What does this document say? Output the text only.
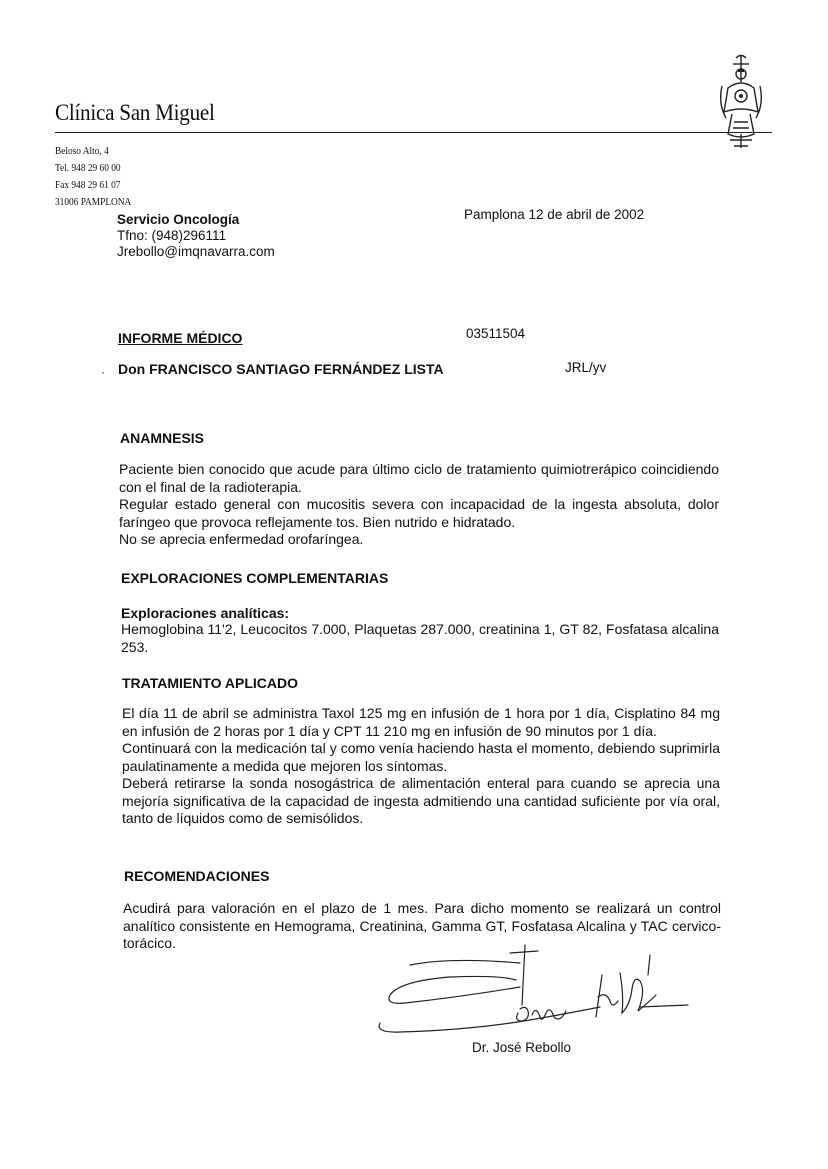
Clínica San Miguel
Beloso Alto, 4
Tel. 948 29 60 00
Fax 948 29 61 07
31006 PAMPLONA
Servicio Oncología
Tfno: (948)296111
Jrebollo@imqnavarra.com
Pamplona 12 de abril de 2002
INFORME MÉDICO	03511504
· Don FRANCISCO SANTIAGO FERNÁNDEZ LISTA	JRL/yv
ANAMNESIS
Paciente bien conocido que acude para último ciclo de tratamiento quimiotrerápico coincidiendo con el final de la radioterapia.
Regular estado general con mucositis severa con incapacidad de la ingesta absoluta, dolor faríngeo que provoca reflejamente tos. Bien nutrido e hidratado.
No se aprecia enfermedad orofaríngea.
EXPLORACIONES COMPLEMENTARIAS
Exploraciones analíticas:
Hemoglobina 11'2, Leucocitos 7.000, Plaquetas 287.000, creatinina 1, GT 82, Fosfatasa alcalina 253.
TRATAMIENTO APLICADO
El día 11 de abril se administra Taxol 125 mg en infusión de 1 hora por 1 día, Cisplatino 84 mg en infusión de 2 horas por 1 día y CPT 11 210 mg en infusión de 90 minutos por 1 día.
Continuará con la medicación tal y como venía haciendo hasta el momento, debiendo suprimirla paulatinamente a medida que mejoren los síntomas.
Deberá retirarse la sonda nosogástrica de alimentación enteral para cuando se aprecia una mejoría significativa de la capacidad de ingesta admitiendo una cantidad suficiente por vía oral, tanto de líquidos como de semisólidos.
RECOMENDACIONES
Acudirá para valoración en el plazo de 1 mes. Para dicho momento se realizará un control analítico consistente en Hemograma, Creatinina, Gamma GT, Fosfatasa Alcalina y TAC cervico-torácico.
Dr. José Rebollo
